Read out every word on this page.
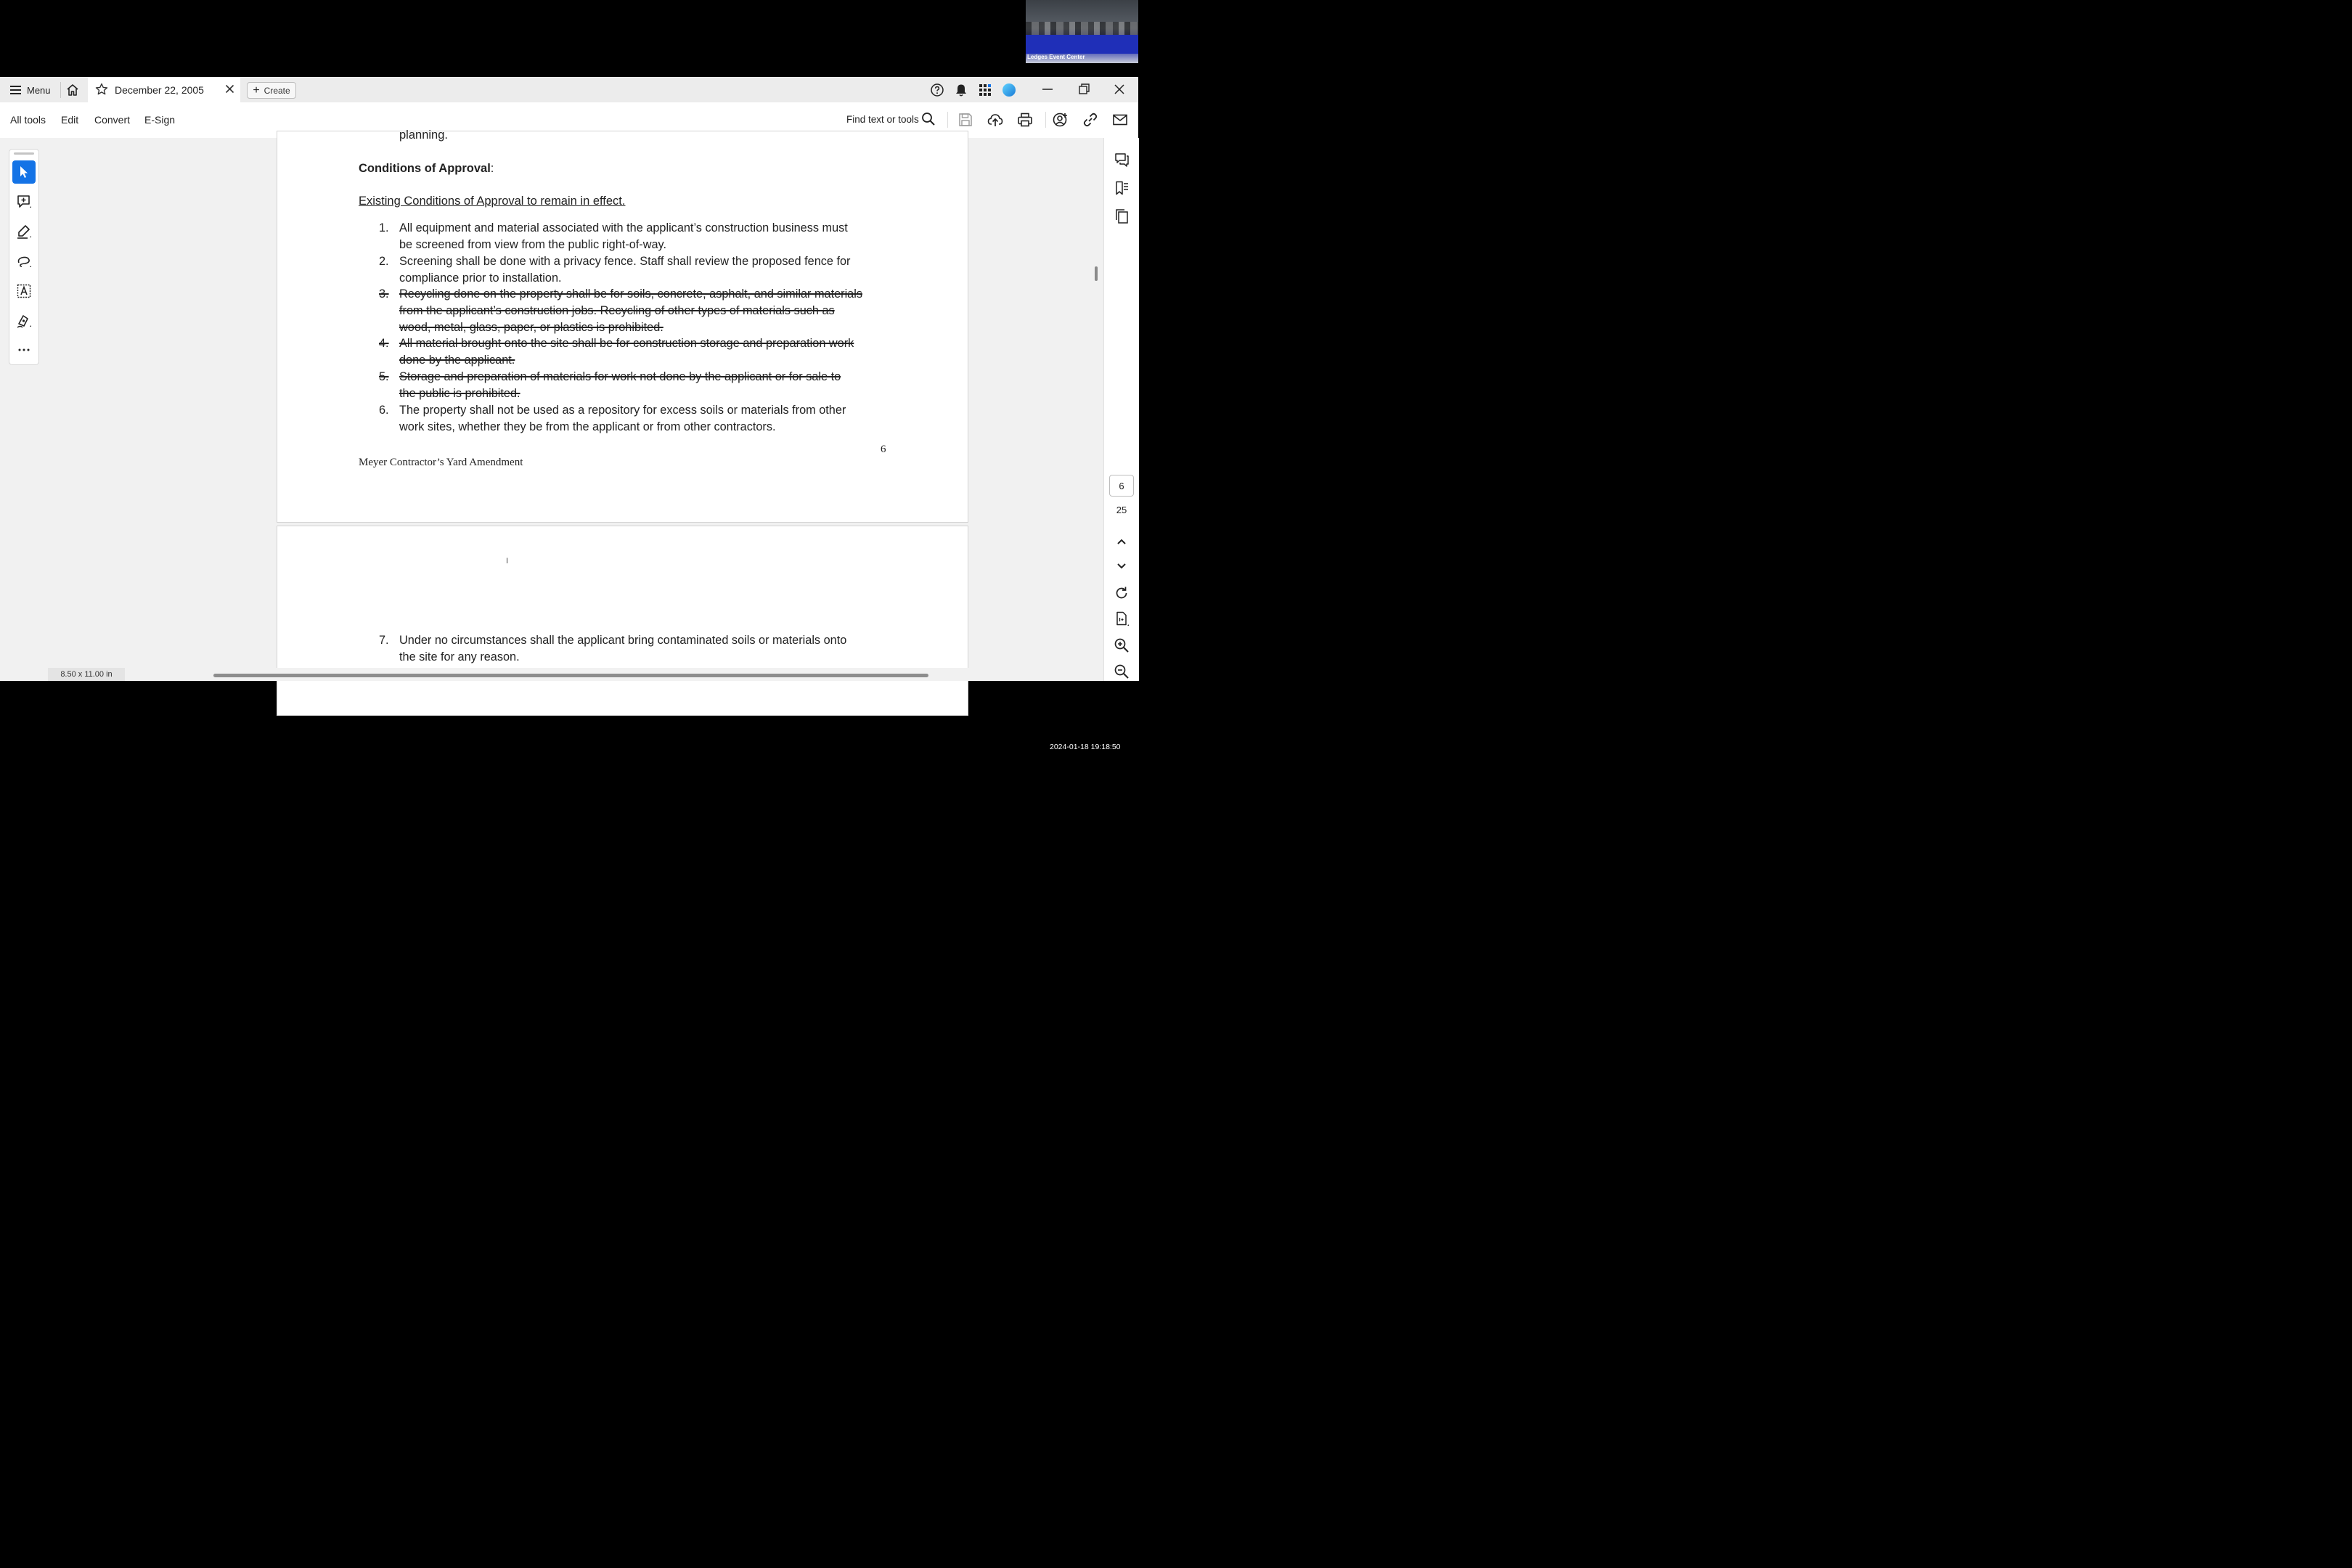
Ledges Event Center
Menu	December 22, 2005	+ Create
All tools Edit Convert E-Sign	Find text or tools
planning.
Conditions of Approval:
Existing Conditions of Approval to remain in effect.
1. All equipment and material associated with the applicant’s construction business must
be screened from view from the public right-of-way.
2. Screening shall be done with a privacy fence. Staff shall review the proposed fence for
compliance prior to installation.
3. Recycling done on the property shall be for soils, concrete, asphalt, and similar materials
from the applicant’s construction jobs. Recycling of other types of materials such as
wood, metal, glass, paper, or plastics is prohibited.
4. All material brought onto the site shall be for construction storage and preparation work
done by the applicant.
5. Storage and preparation of materials for work not done by the applicant or for sale to
the public is prohibited.
6. The property shall not be used as a repository for excess soils or materials from other
work sites, whether they be from the applicant or from other contractors.
6
Meyer Contractor’s Yard Amendment
7. Under no circumstances shall the applicant bring contaminated soils or materials onto
the site for any reason.
I
6
25
8.50 x 11.00 in
2024-01-18 19:18:50
